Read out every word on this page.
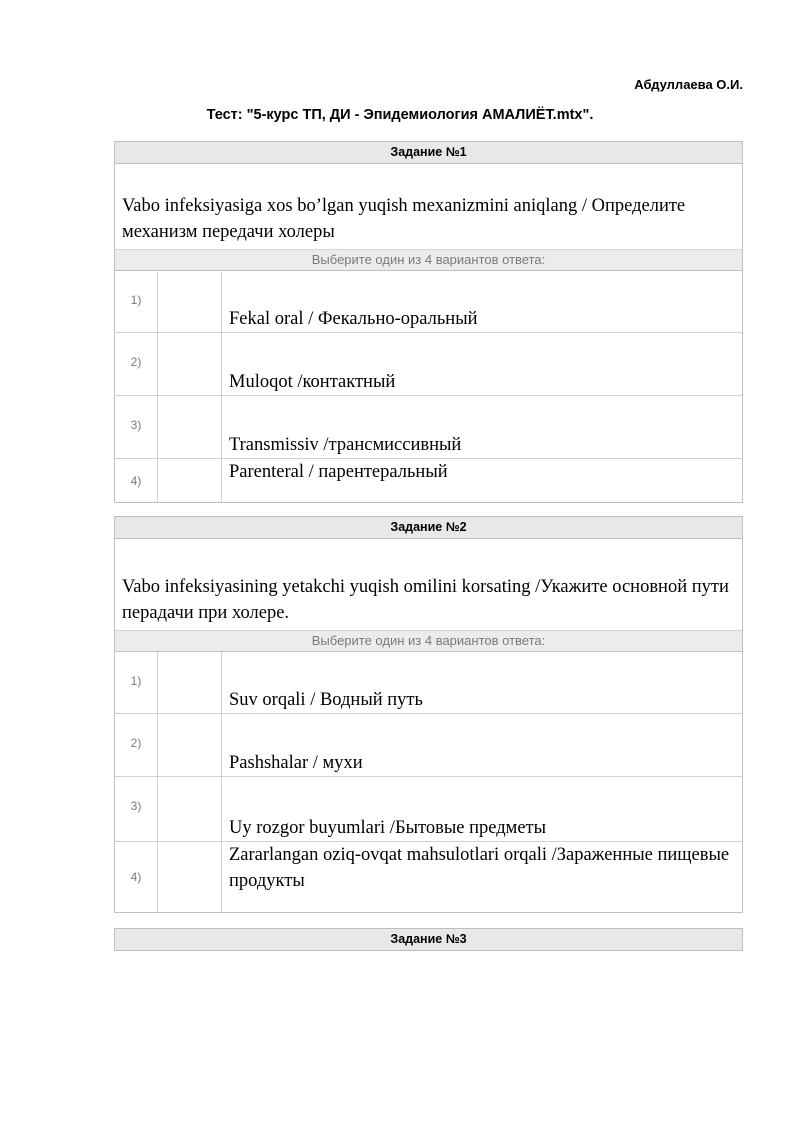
Абдуллаева О.И.
Тест: "5-курс ТП, ДИ - Эпидемиология АМАЛИЁТ.mtx".
Задание №1
Vabo infeksiyasiga xos bo’lgan yuqish mexanizmini aniqlang / Определите механизм передачи холеры
Выберите один из 4 вариантов ответа:
1)
Fekal oral / Фекально-оральный
2)
Muloqot /контактный
3)
Transmissiv /трансмиссивный
4)	Parenteral / парентеральный
Задание №2
Vabo infeksiyasining yetakchi yuqish omilini korsating /Укажите основной пути перадачи при холере.
Выберите один из 4 вариантов ответа:
1)
Suv orqali / Водный путь
2)
Pashshalar / мухи
3)
Uy rozgor buyumlari /Бытовые предметы
4)
Zararlangan oziq-ovqat mahsulotlari orqali /Зараженные пищевые продукты
Задание №3
